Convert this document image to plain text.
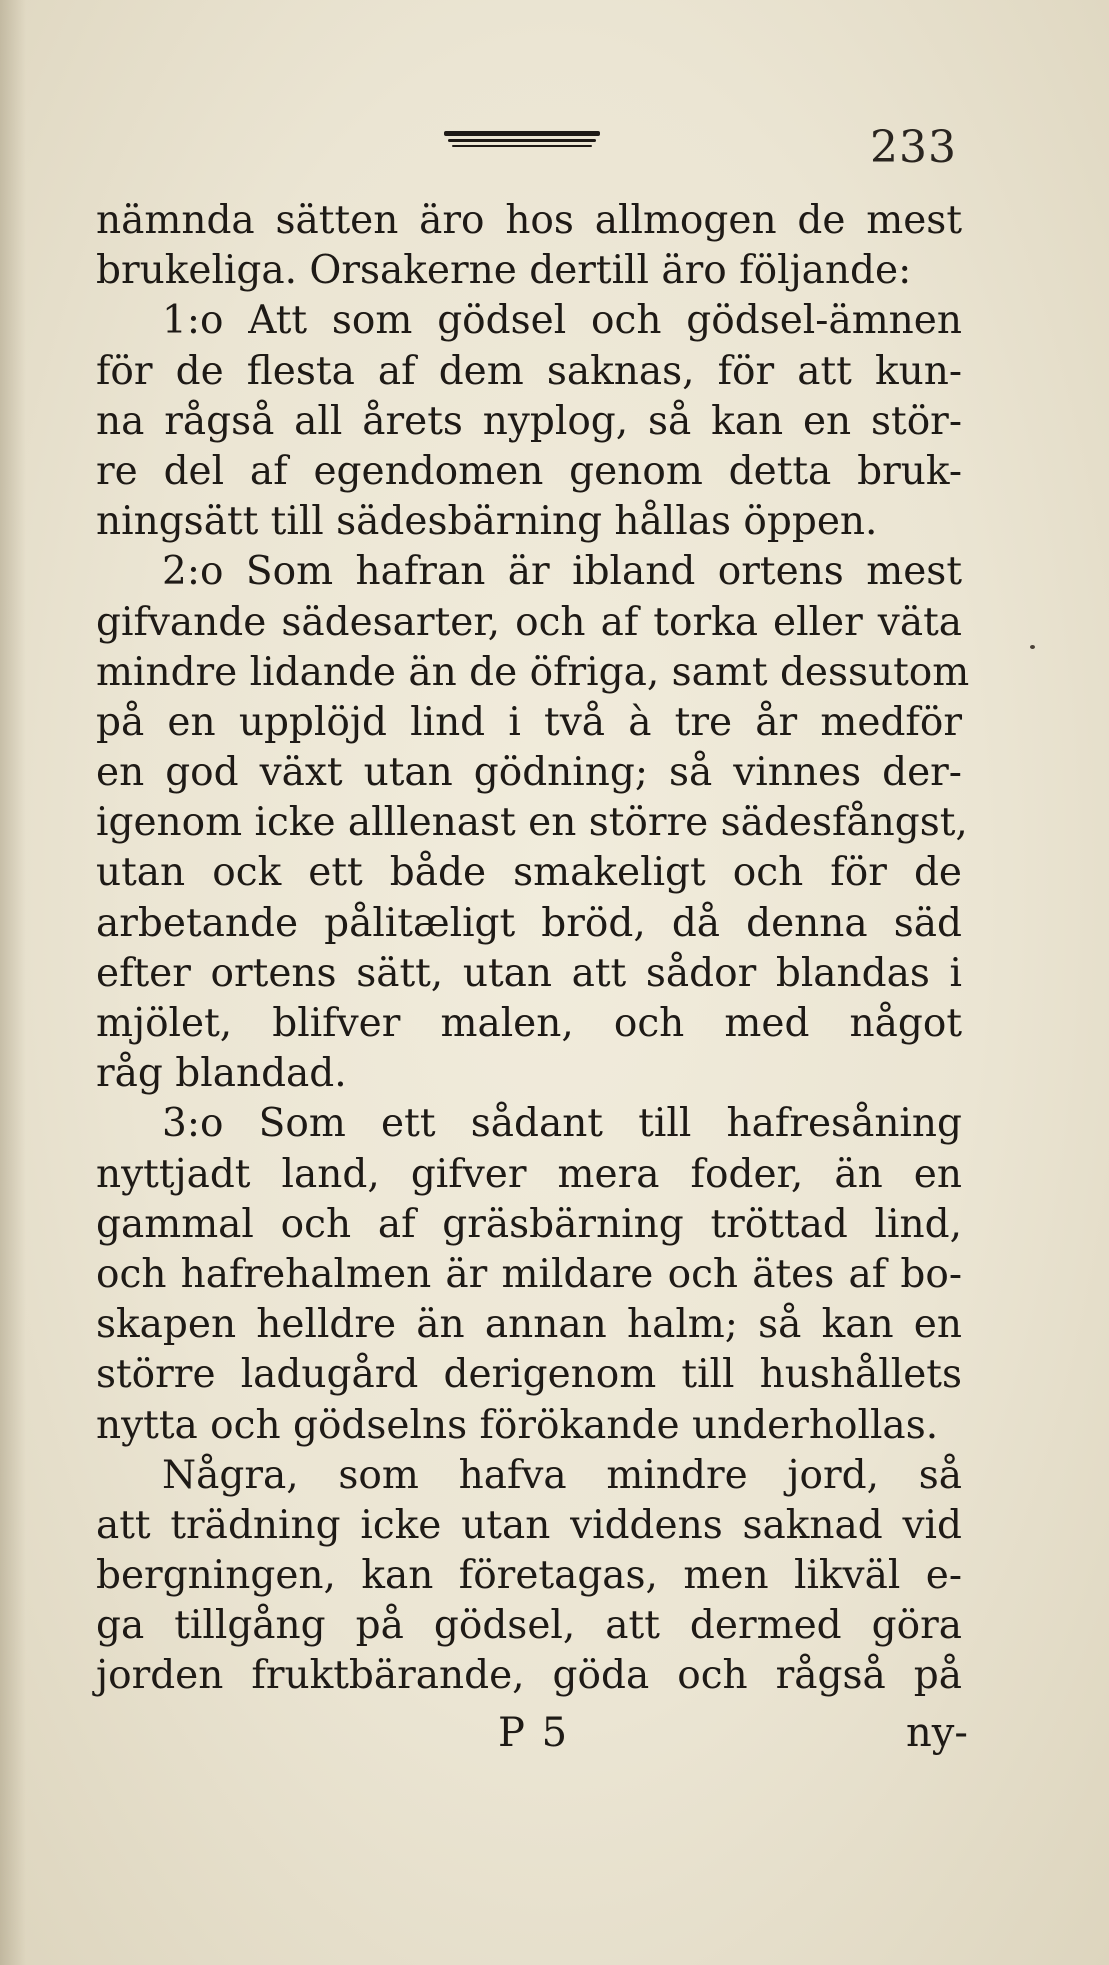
233
nämnda sätten äro hos allmogen de mest
brukeliga. Orsakerne dertill äro följande:
1:o Att som gödsel och gödsel-ämnen
för de flesta af dem saknas, för att kun-
na rågså all årets nyplog, så kan en stör-
re del af egendomen genom detta bruk-
ningsätt till sädesbärning hållas öppen.
2:o Som hafran är ibland ortens mest
gifvande sädesarter, och af torka eller väta
mindre lidande än de öfriga, samt dessutom
på en upplöjd lind i två à tre år medför
en god växt utan gödning; så vinnes der-
igenom icke alllenast en större sädesfångst,
utan ock ett både smakeligt och för de
arbetande pålitæligt bröd, då denna säd
efter ortens sätt, utan att sådor blandas i
mjölet, blifver malen, och med något
råg blandad.
3:o Som ett sådant till hafresåning
nyttjadt land, gifver mera foder, än en
gammal och af gräsbärning tröttad lind,
och hafrehalmen är mildare och ätes af bo-
skapen helldre än annan halm; så kan en
större ladugård derigenom till hushållets
nytta och gödselns förökande underhollas.
Några, som hafva mindre jord, så
att trädning icke utan viddens saknad vid
bergningen, kan företagas, men likväl e-
ga tillgång på gödsel, att dermed göra
jorden fruktbärande, göda och rågså på
P 5	ny-
